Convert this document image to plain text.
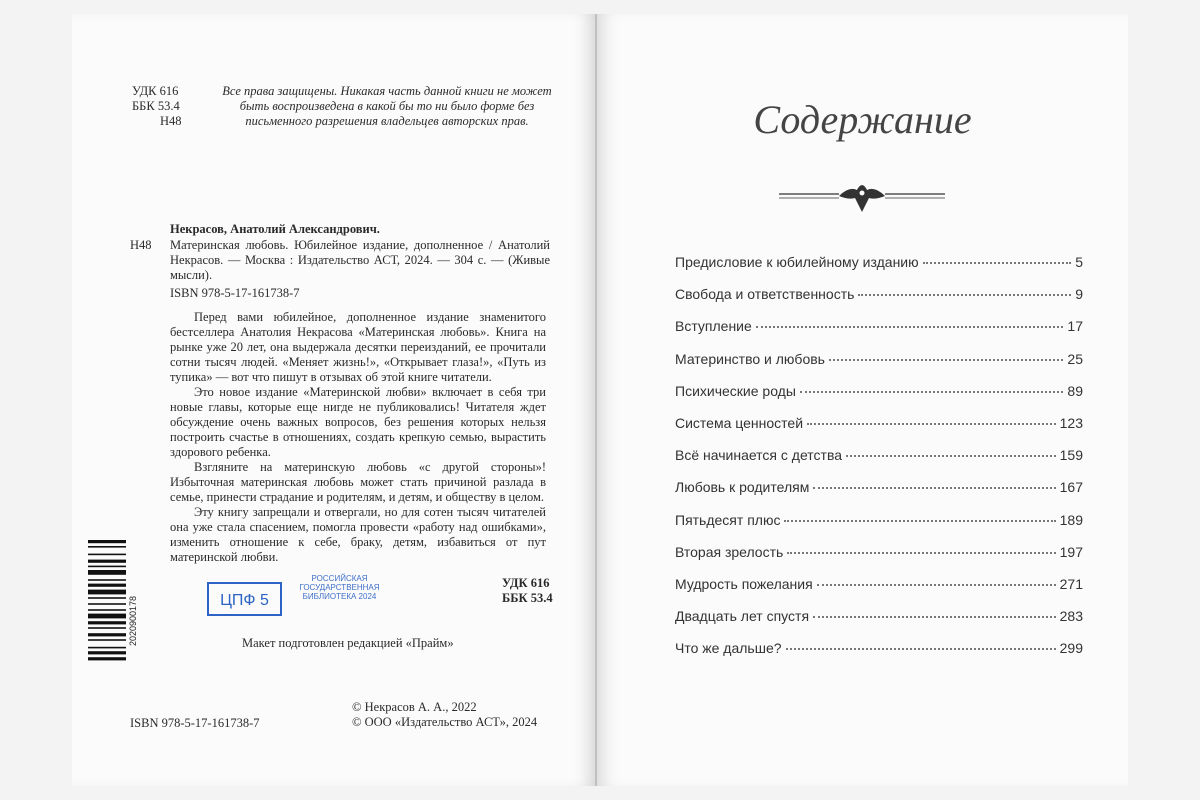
УДК 616
ББК 53.4
Н48
Все права защищены. Никакая часть данной книги не может быть воспроизведена в какой бы то ни было форме без письменного разрешения владельцев авторских прав.
Некрасов, Анатолий Александрович.
Н48 Материнская любовь. Юбилейное издание, дополненное / Анатолий Некрасов. — Москва : Издательство АСТ, 2024. — 304 с. — (Живые мысли).
ISBN 978-5-17-161738-7

Перед вами юбилейное, дополненное издание знаменитого бестселлера Анатолия Некрасова «Материнская любовь». Книга на рынке уже 20 лет, она выдержала десятки переизданий, ее прочитали сотни тысяч людей. «Меняет жизнь!», «Открывает глаза!», «Путь из тупика» — вот что пишут в отзывах об этой книге читатели.

Это новое издание «Материнской любви» включает в себя три новые главы, которые еще нигде не публиковались! Читателя ждет обсуждение очень важных вопросов, без решения которых нельзя построить счастье в отношениях, создать крепкую семью, вырастить здорового ребенка.

Взгляните на материнскую любовь «с другой стороны»! Избыточная материнская любовь может стать причиной разлада в семье, принести страдание и родителям, и детям, и обществу в целом.

Эту книгу запрещали и отвергали, но для сотен тысяч читателей она уже стала спасением, помогла провести «работу над ошибками», изменить отношение к себе, браку, детям, избавиться от пут материнской любви.

УДК 616
ББК 53.4
ЦПФ 5
РОССИЙСКАЯ ГОСУДАРСТВЕННАЯ БИБЛИОТЕКА 2024
Макет подготовлен редакцией «Прайм»
© Некрасов А. А., 2022
© ООО «Издательство АСТ», 2024
ISBN 978-5-17-161738-7
2020900178
Содержание
Предисловие к юбилейному изданию	5
Свобода и ответственность	9
Вступление	17
Материнство и любовь	25
Психические роды	89
Система ценностей	123
Всё начинается с детства	159
Любовь к родителям	167
Пятьдесят плюс	189
Вторая зрелость	197
Мудрость пожелания	271
Двадцать лет спустя	283
Что же дальше?	299
